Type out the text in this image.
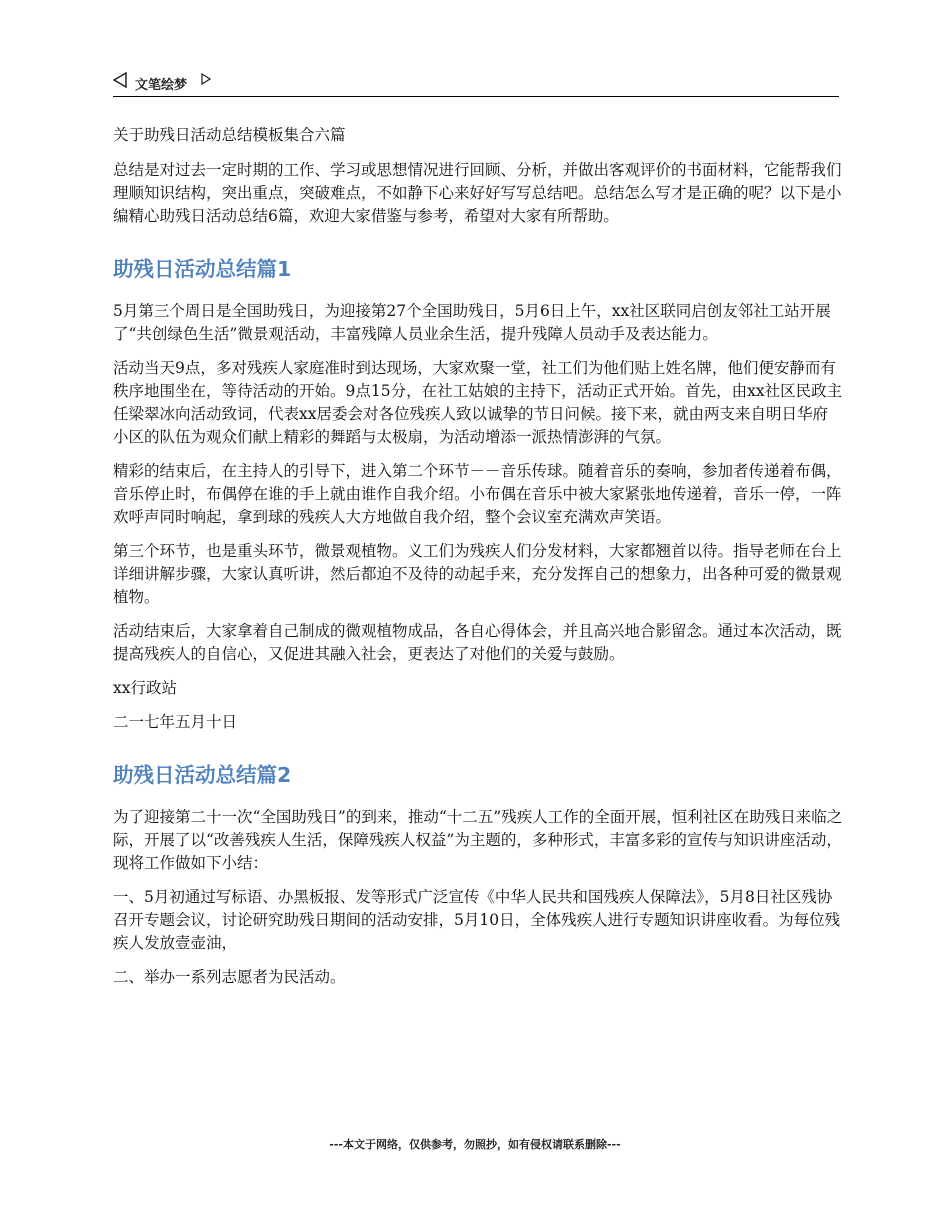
文笔绘梦

关于助残日活动总结模板集合六篇

总结是对过去一定时期的工作、学习或思想情况进行回顾、分析，并做出客观评价的书面材料，它能帮我们理顺知识结构，突出重点，突破难点，不如静下心来好好写写总结吧。总结怎么写才是正确的呢？以下是小编精心助残日活动总结6篇，欢迎大家借鉴与参考，希望对大家有所帮助。

助残日活动总结篇1

5月第三个周日是全国助残日，为迎接第27个全国助残日，5月6日上午，xx社区联同启创友邻社工站开展了“共创绿色生活”微景观活动，丰富残障人员业余生活，提升残障人员动手及表达能力。

活动当天9点，多对残疾人家庭准时到达现场，大家欢聚一堂，社工们为他们贴上姓名牌，他们便安静而有秩序地围坐在，等待活动的开始。9点15分，在社工姑娘的主持下，活动正式开始。首先，由xx社区民政主任梁翠冰向活动致词，代表xx居委会对各位残疾人致以诚挚的节日问候。接下来，就由两支来自明日华府小区的队伍为观众们献上精彩的舞蹈与太极扇，为活动增添一派热情澎湃的气氛。

精彩的结束后，在主持人的引导下，进入第二个环节－－音乐传球。随着音乐的奏响，参加者传递着布偶，音乐停止时，布偶停在谁的手上就由谁作自我介绍。小布偶在音乐中被大家紧张地传递着，音乐一停，一阵欢呼声同时响起，拿到球的残疾人大方地做自我介绍，整个会议室充满欢声笑语。

第三个环节，也是重头环节，微景观植物。义工们为残疾人们分发材料，大家都翘首以待。指导老师在台上详细讲解步骤，大家认真听讲，然后都迫不及待的动起手来，充分发挥自己的想象力，出各种可爱的微景观植物。

活动结束后，大家拿着自己制成的微观植物成品，各自心得体会，并且高兴地合影留念。通过本次活动，既提高残疾人的自信心，又促进其融入社会，更表达了对他们的关爱与鼓励。

xx行政站

二一七年五月十日

助残日活动总结篇2

为了迎接第二十一次“全国助残日”的到来，推动“十二五”残疾人工作的全面开展，恒利社区在助残日来临之际，开展了以“改善残疾人生活，保障残疾人权益”为主题的，多种形式，丰富多彩的宣传与知识讲座活动，现将工作做如下小结：

一、5月初通过写标语、办黑板报、发等形式广泛宣传《中华人民共和国残疾人保障法》，5月8日社区残协召开专题会议，讨论研究助残日期间的活动安排，5月10日，全体残疾人进行专题知识讲座收看。为每位残疾人发放壹壶油，

二、举办一系列志愿者为民活动。

---本文于网络，仅供参考，勿照抄，如有侵权请联系删除---
